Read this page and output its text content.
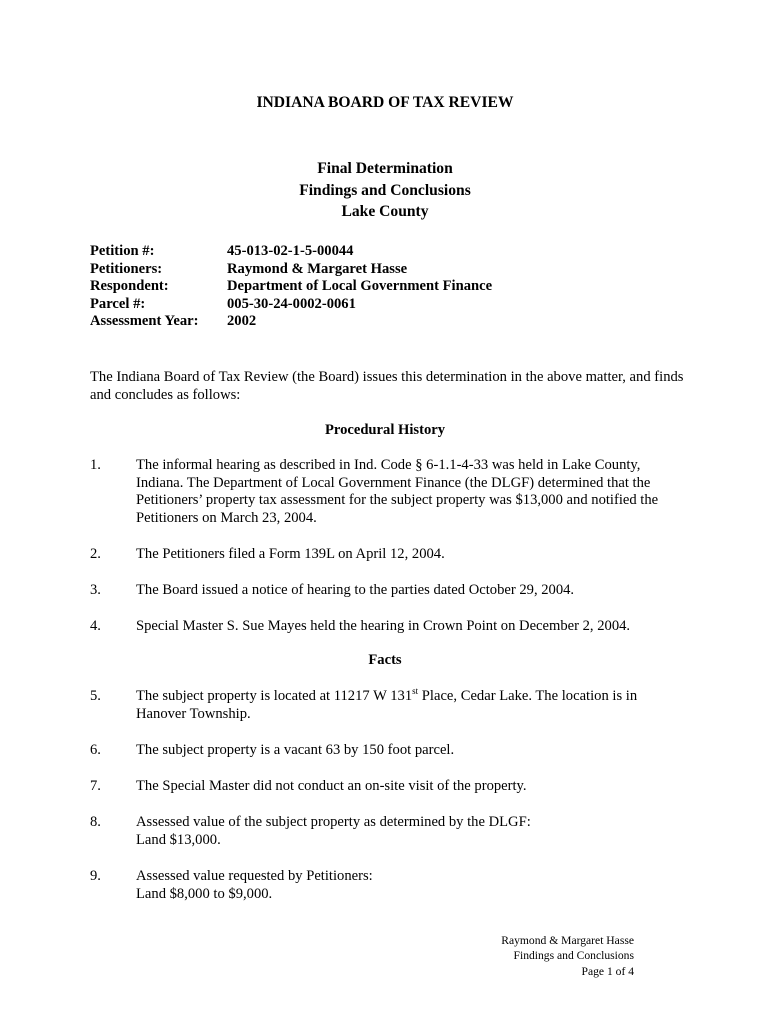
INDIANA BOARD OF TAX REVIEW
Final Determination
Findings and Conclusions
Lake County
Petition #:	45-013-02-1-5-00044
Petitioners:	Raymond & Margaret Hasse
Respondent:	Department of Local Government Finance
Parcel #:	005-30-24-0002-0061
Assessment Year:	2002
The Indiana Board of Tax Review (the Board) issues this determination in the above matter, and finds and concludes as follows:
Procedural History
1.	The informal hearing as described in Ind. Code § 6-1.1-4-33 was held in Lake County, Indiana. The Department of Local Government Finance (the DLGF) determined that the Petitioners’ property tax assessment for the subject property was $13,000 and notified the Petitioners on March 23, 2004.
2.	The Petitioners filed a Form 139L on April 12, 2004.
3.	The Board issued a notice of hearing to the parties dated October 29, 2004.
4.	Special Master S. Sue Mayes held the hearing in Crown Point on December 2, 2004.
Facts
5.	The subject property is located at 11217 W 131st Place, Cedar Lake. The location is in Hanover Township.
6.	The subject property is a vacant 63 by 150 foot parcel.
7.	The Special Master did not conduct an on-site visit of the property.
8.	Assessed value of the subject property as determined by the DLGF:
Land $13,000.
9.	Assessed value requested by Petitioners:
Land $8,000 to $9,000.
Raymond & Margaret Hasse
Findings and Conclusions
Page 1 of 4
